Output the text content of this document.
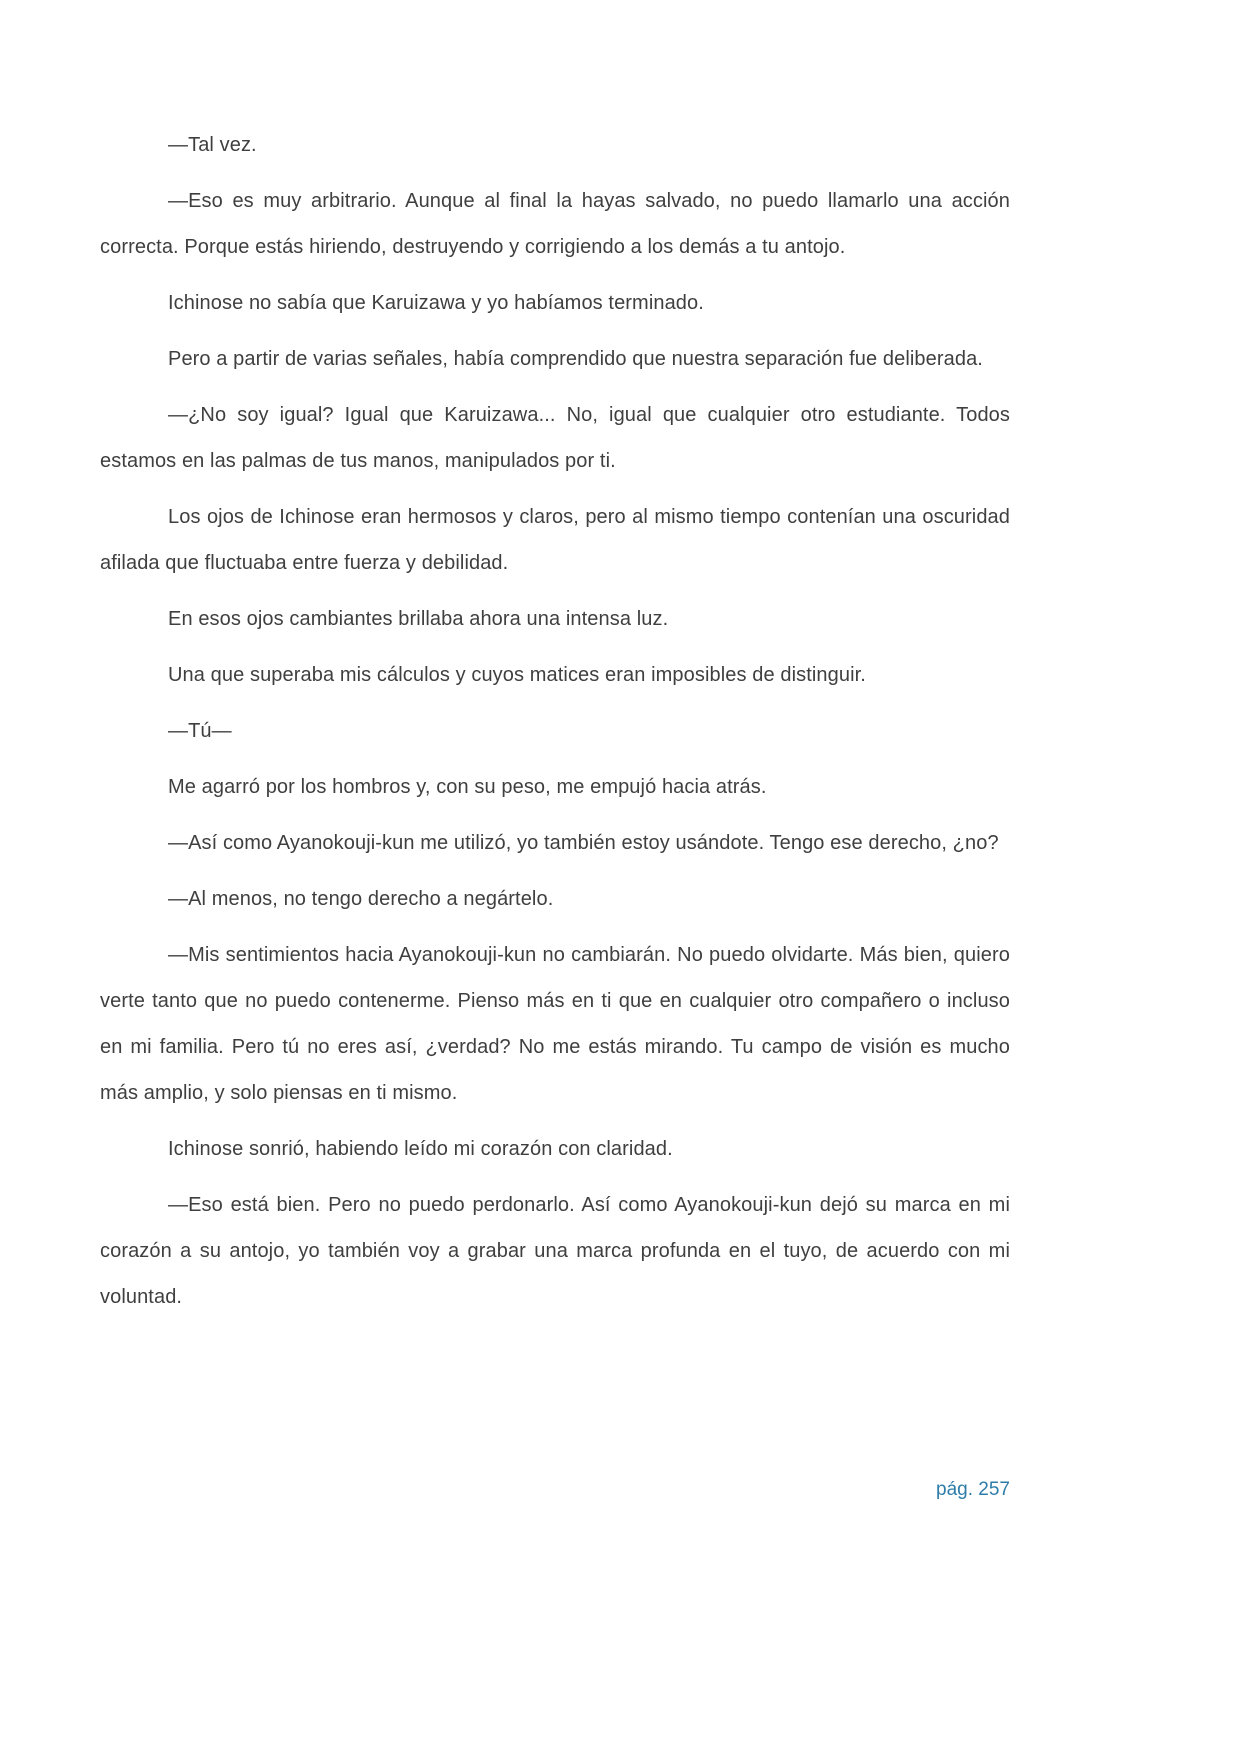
—Tal vez.

—Eso es muy arbitrario. Aunque al final la hayas salvado, no puedo llamarlo una acción correcta. Porque estás hiriendo, destruyendo y corrigiendo a los demás a tu antojo.

Ichinose no sabía que Karuizawa y yo habíamos terminado.

Pero a partir de varias señales, había comprendido que nuestra separación fue deliberada.

—¿No soy igual? Igual que Karuizawa... No, igual que cualquier otro estudiante. Todos estamos en las palmas de tus manos, manipulados por ti.

Los ojos de Ichinose eran hermosos y claros, pero al mismo tiempo contenían una oscuridad afilada que fluctuaba entre fuerza y debilidad.

En esos ojos cambiantes brillaba ahora una intensa luz.

Una que superaba mis cálculos y cuyos matices eran imposibles de distinguir.

—Tú—

Me agarró por los hombros y, con su peso, me empujó hacia atrás.

—Así como Ayanokouji-kun me utilizó, yo también estoy usándote. Tengo ese derecho, ¿no?

—Al menos, no tengo derecho a negártelo.

—Mis sentimientos hacia Ayanokouji-kun no cambiarán. No puedo olvidarte. Más bien, quiero verte tanto que no puedo contenerme. Pienso más en ti que en cualquier otro compañero o incluso en mi familia. Pero tú no eres así, ¿verdad? No me estás mirando. Tu campo de visión es mucho más amplio, y solo piensas en ti mismo.

Ichinose sonrió, habiendo leído mi corazón con claridad.

—Eso está bien. Pero no puedo perdonarlo. Así como Ayanokouji-kun dejó su marca en mi corazón a su antojo, yo también voy a grabar una marca profunda en el tuyo, de acuerdo con mi voluntad.

pág. 257
